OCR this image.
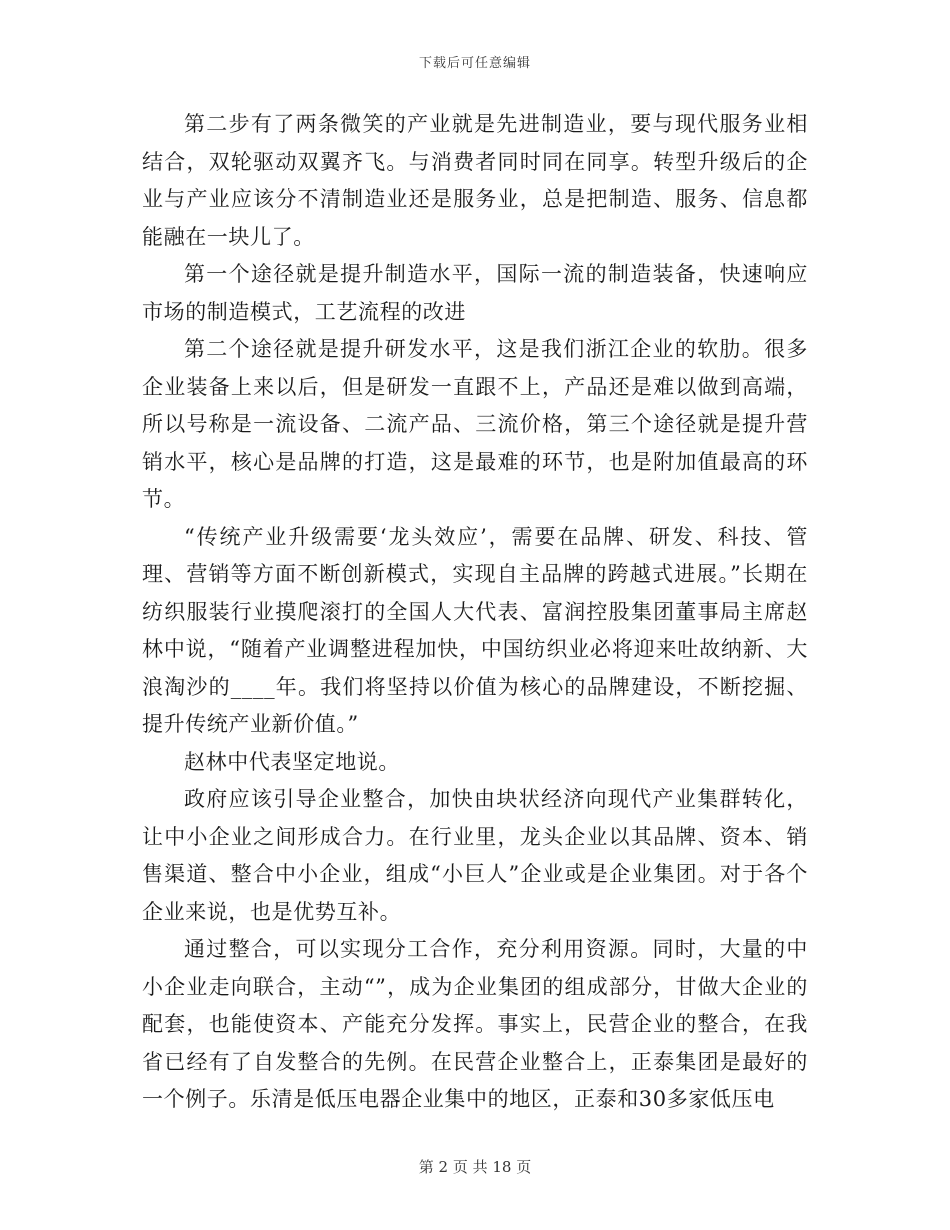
下载后可任意编辑

第二步有了两条微笑的产业就是先进制造业，要与现代服务业相结合，双轮驱动双翼齐飞。与消费者同时同在同享。转型升级后的企业与产业应该分不清制造业还是服务业，总是把制造、服务、信息都能融在一块儿了。

第一个途径就是提升制造水平，国际一流的制造装备，快速响应市场的制造模式，工艺流程的改进

第二个途径就是提升研发水平，这是我们浙江企业的软肋。很多企业装备上来以后，但是研发一直跟不上，产品还是难以做到高端，所以号称是一流设备、二流产品、三流价格，第三个途径就是提升营销水平，核心是品牌的打造，这是最难的环节，也是附加值最高的环节。

“传统产业升级需要‘龙头效应’，需要在品牌、研发、科技、管理、营销等方面不断创新模式，实现自主品牌的跨越式进展。”长期在纺织服装行业摸爬滚打的全国人大代表、富润控股集团董事局主席赵林中说，“随着产业调整进程加快，中国纺织业必将迎来吐故纳新、大浪淘沙的____年。我们将坚持以价值为核心的品牌建设，不断挖掘、提升传统产业新价值。”

赵林中代表坚定地说。

政府应该引导企业整合，加快由块状经济向现代产业集群转化，让中小企业之间形成合力。在行业里，龙头企业以其品牌、资本、销售渠道、整合中小企业，组成“小巨人”企业或是企业集团。对于各个企业来说，也是优势互补。

通过整合，可以实现分工合作，充分利用资源。同时，大量的中小企业走向联合，主动“”，成为企业集团的组成部分，甘做大企业的配套，也能使资本、产能充分发挥。事实上，民营企业的整合，在我省已经有了自发整合的先例。在民营企业整合上，正泰集团是最好的一个例子。乐清是低压电器企业集中的地区，正泰和30多家低压电

第 2 页 共 18 页
